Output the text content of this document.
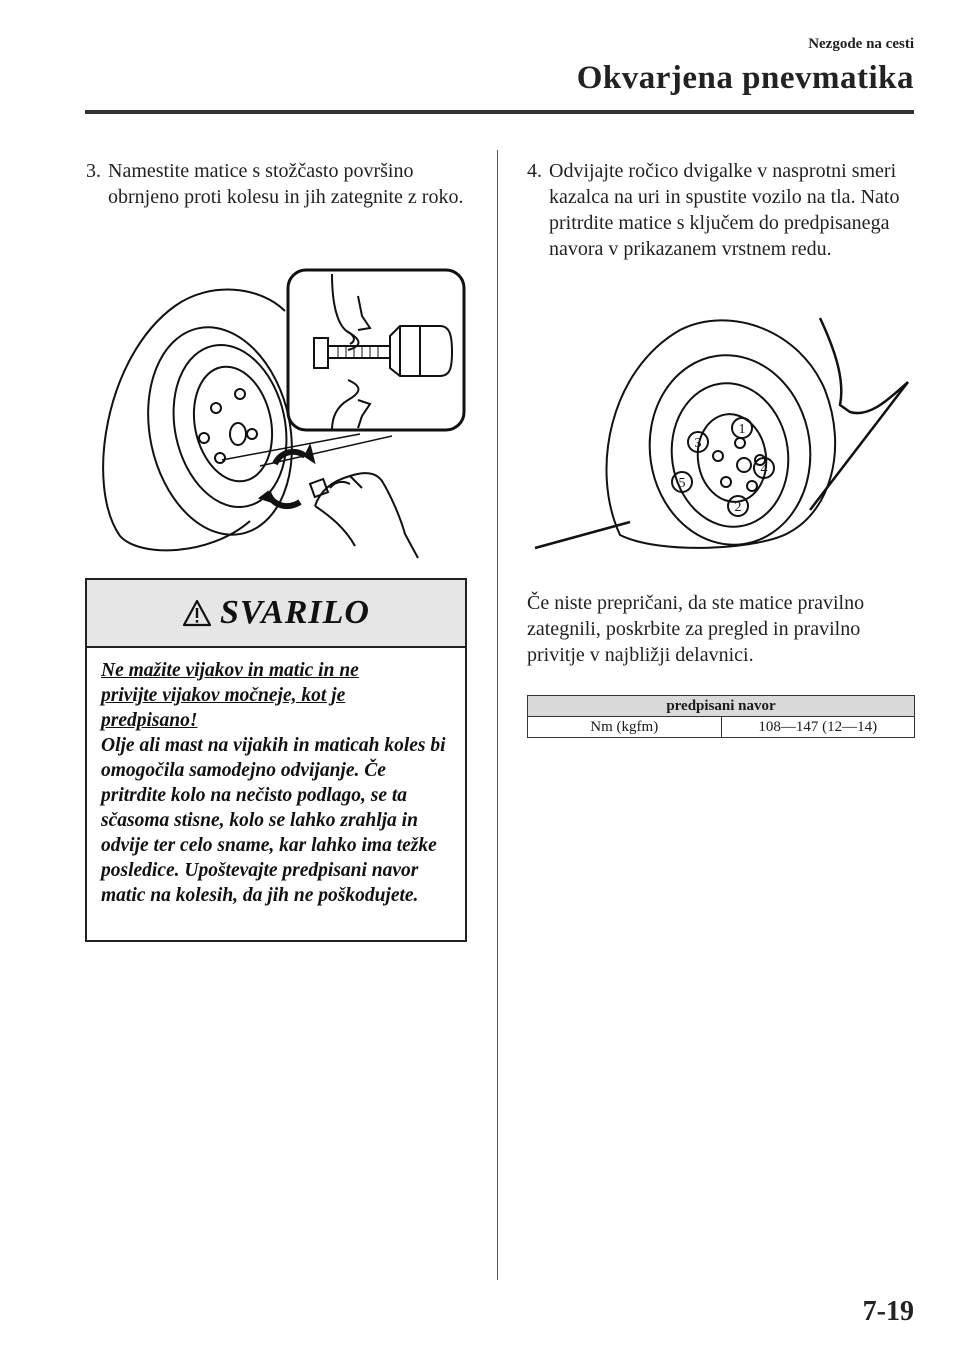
Nezgode na cesti
Okvarjena pnevmatika
3. Namestite matice s stožčasto površino obrnjeno proti kolesu in jih zategnite z roko.
SVARILO
Ne mažite vijakov in matic in ne privijte vijakov močneje, kot je predpisano!
Olje ali mast na vijakih in maticah koles bi omogočila samodejno odvijanje. Če pritrdite kolo na nečisto podlago, se ta sčasoma stisne, kolo se lahko zrahlja in odvije ter celo sname, kar lahko ima težke posledice. Upoštevajte predpisani navor matic na kolesih, da jih ne poškodujete.
4. Odvijajte ročico dvigalke v nasprotni smeri kazalca na uri in spustite vozilo na tla. Nato pritrdite matice s ključem do predpisanega navora v prikazanem vrstnem redu.
1
2
3
4
5
Če niste prepričani, da ste matice pravilno zategnili, poskrbite za pregled in pravilno privitje v najbližji delavnici.
predpisani navor
Nm (kgfm)	108—147 (12—14)
7-19
